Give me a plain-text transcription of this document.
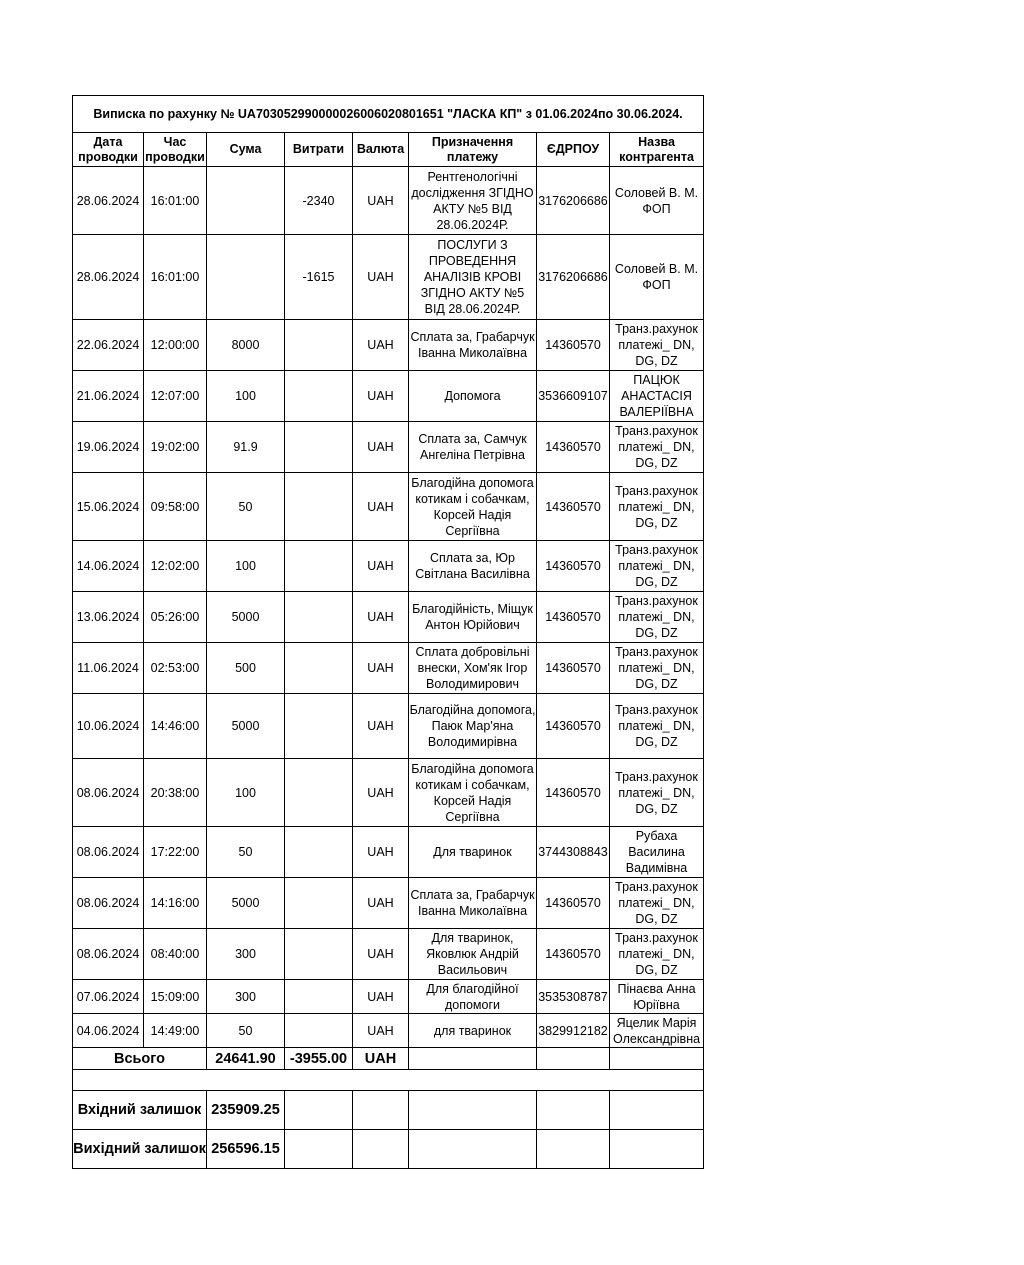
Виписка по рахунку № UA703052990000026006020801651 "ЛАСКА КП" з 01.06.2024по 30.06.2024.							
Дата проводки	Час проводки	Сума	Витрати	Валюта	Призначення платежу	ЄДРПОУ	Назва контрагента
28.06.2024	16:01:00		-2340	UAH	Рентгенологічні дослідження ЗГІДНО АКТУ №5 ВІД 28.06.2024Р.	3176206686	Соловей В. М. ФОП
28.06.2024	16:01:00		-1615	UAH	ПОСЛУГИ З ПРОВЕДЕННЯ АНАЛІЗІВ КРОВІ ЗГІДНО АКТУ №5 ВІД 28.06.2024Р.	3176206686	Соловей В. М. ФОП
22.06.2024	12:00:00	8000		UAH	Сплата за, Грабарчук Іванна Миколаївна	14360570	Транз.рахунок платежі_ DN, DG, DZ
21.06.2024	12:07:00	100		UAH	Допомога	3536609107	ПАЦЮК АНАСТАСІЯ ВАЛЕРІЇВНА
19.06.2024	19:02:00	91.9		UAH	Сплата за, Самчук Ангеліна Петрівна	14360570	Транз.рахунок платежі_ DN, DG, DZ
15.06.2024	09:58:00	50		UAH	Благодійна допомога котикам і собачкам, Корсей Надія Сергіївна	14360570	Транз.рахунок платежі_ DN, DG, DZ
14.06.2024	12:02:00	100		UAH	Сплата за, Юр Світлана Василівна	14360570	Транз.рахунок платежі_ DN, DG, DZ
13.06.2024	05:26:00	5000		UAH	Благодійність, Міщук Антон Юрійович	14360570	Транз.рахунок платежі_ DN, DG, DZ
11.06.2024	02:53:00	500		UAH	Сплата добровільні внески, Хом'як Ігор Володимирович	14360570	Транз.рахунок платежі_ DN, DG, DZ
10.06.2024	14:46:00	5000		UAH	Благодійна допомога, Паюк Мар'яна Володимирівна	14360570	Транз.рахунок платежі_ DN, DG, DZ
08.06.2024	20:38:00	100		UAH	Благодійна допомога котикам і собачкам, Корсей Надія Сергіївна	14360570	Транз.рахунок платежі_ DN, DG, DZ
08.06.2024	17:22:00	50		UAH	Для тваринок	3744308843	Рубаха Василина Вадимівна
08.06.2024	14:16:00	5000		UAH	Сплата за, Грабарчук Іванна Миколаївна	14360570	Транз.рахунок платежі_ DN, DG, DZ
08.06.2024	08:40:00	300		UAH	Для тваринок, Яковлюк Андрій Васильович	14360570	Транз.рахунок платежі_ DN, DG, DZ
07.06.2024	15:09:00	300		UAH	Для благодійної допомоги	3535308787	Пінаєва Анна Юріївна
04.06.2024	14:49:00	50		UAH	для тваринок	3829912182	Яцелик Марія Олександрівна
Всього		24641.90	-3955.00	UAH			

Вхідний залишок		235909.25					
Вихідний залишок		256596.15					
